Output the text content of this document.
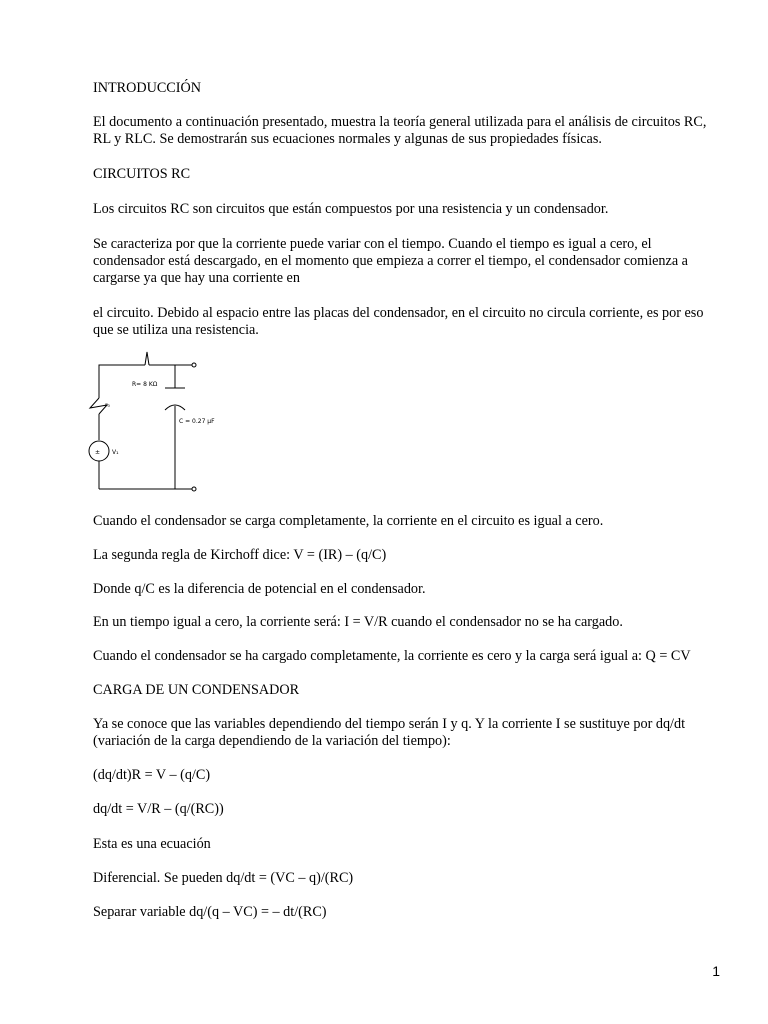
INTRODUCCIÓN

El documento a continuación presentado, muestra la teoría general utilizada para el análisis de circuitos RC, RL y RLC. Se demostrarán sus ecuaciones normales y algunas de sus propiedades físicas.

CIRCUITOS RC

Los circuitos RC son circuitos que están compuestos por una resistencia y un condensador.

Se caracteriza por que la corriente puede variar con el tiempo. Cuando el tiempo es igual a cero, el condensador está descargado, en el momento que empieza a correr el tiempo, el condensador comienza a cargarse ya que hay una corriente en

el circuito. Debido al espacio entre las placas del condensador, en el circuito no circula corriente, es por eso que se utiliza una resistencia.

R= 8 KΩ
C = 0.27 µF
r₀
V₁
±

Cuando el condensador se carga completamente, la corriente en el circuito es igual a cero.

La segunda regla de Kirchoff dice: V = (IR) – (q/C)

Donde q/C es la diferencia de potencial en el condensador.

En un tiempo igual a cero, la corriente será: I = V/R cuando el condensador no se ha cargado.

Cuando el condensador se ha cargado completamente, la corriente es cero y la carga será igual a: Q = CV

CARGA DE UN CONDENSADOR

Ya se conoce que las variables dependiendo del tiempo serán I y q. Y la corriente I se sustituye por dq/dt (variación de la carga dependiendo de la variación del tiempo):

(dq/dt)R = V – (q/C)

dq/dt = V/R – (q/(RC))

Esta es una ecuación

Diferencial. Se pueden dq/dt = (VC – q)/(RC)

Separar variable dq/(q – VC) = – dt/(RC)

1
